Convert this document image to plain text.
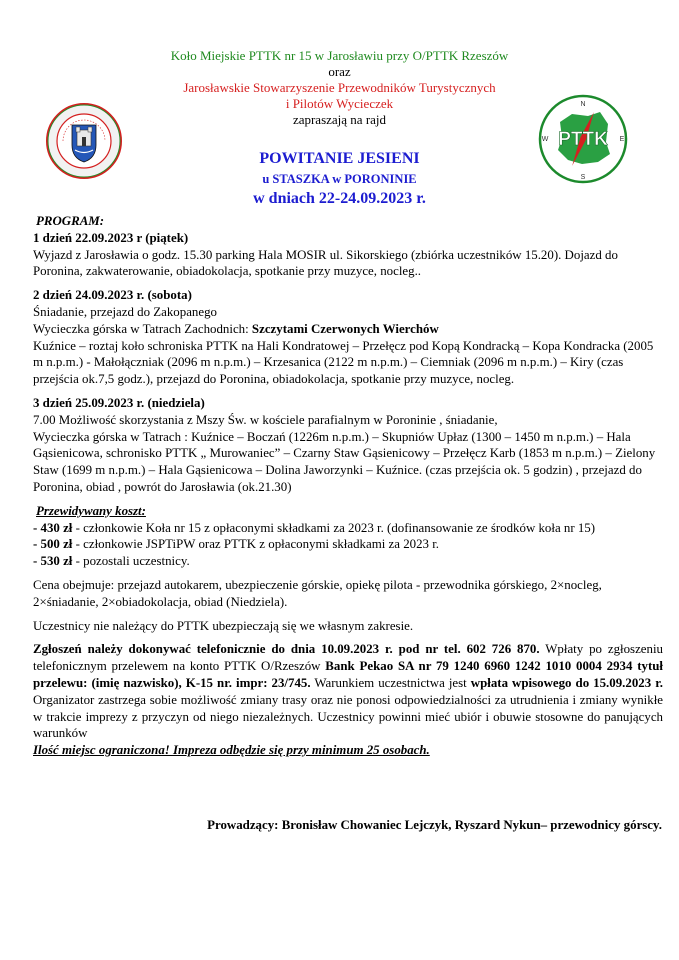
Koło Miejskie PTTK nr 15 w Jarosławiu przy O/PTTK Rzeszów
oraz
Jarosławskie Stowarzyszenie Przewodników Turystycznych
i Pilotów Wycieczek
zapraszają na rajd
PTTK
N
E
S
W
POWITANIE JESIENI
u STASZKA w PORONINIE
w dniach 22-24.09.2023 r.

PROGRAM:

1 dzień 22.09.2023 r (piątek)

Wyjazd z Jarosławia o godz. 15.30 parking Hala MOSIR ul. Sikorskiego (zbiórka uczestników 15.20). Dojazd do Poronina, zakwaterowanie, obiadokolacja, spotkanie przy muzyce, nocleg..

2 dzień 24.09.2023 r. (sobota)

Śniadanie, przejazd do Zakopanego

Wycieczka górska w Tatrach Zachodnich: Szczytami Czerwonych Wierchów

Kuźnice – roztaj koło schroniska PTTK na Hali Kondratowej – Przełęcz pod Kopą Kondracką – Kopa Kondracka (2005 m n.p.m.) - Małołączniak (2096 m n.p.m.) – Krzesanica (2122 m n.p.m.) – Ciemniak (2096 m n.p.m.) – Kiry (czas przejścia ok.7,5 godz.), przejazd do Poronina, obiadokolacja, spotkanie przy muzyce, nocleg.

3 dzień 25.09.2023 r. (niedziela)

7.00 Możliwość skorzystania z Mszy Św. w kościele parafialnym w Poroninie , śniadanie,

Wycieczka górska w Tatrach : Kuźnice – Boczań (1226m n.p.m.) – Skupniów Upłaz (1300 – 1450 m n.p.m.) – Hala Gąsienicowa, schronisko PTTK „ Murowaniec” – Czarny Staw Gąsienicowy – Przełęcz Karb (1853 m n.p.m.) – Zielony Staw (1699 m n.p.m.) – Hala Gąsienicowa – Dolina Jaworzynki – Kuźnice. (czas przejścia ok. 5 godzin) , przejazd do Poronina, obiad , powrót do Jarosławia (ok.21.30)

Przewidywany koszt:

- 430 zł - członkowie Koła nr 15 z opłaconymi składkami za 2023 r. (dofinansowanie ze środków koła nr 15)

- 500 zł - członkowie JSPTiPW oraz PTTK z opłaconymi składkami za 2023 r.

- 530 zł - pozostali uczestnicy.

Cena obejmuje: przejazd autokarem, ubezpieczenie górskie, opiekę pilota - przewodnika górskiego, 2×nocleg, 2×śniadanie, 2×obiadokolacja, obiad (Niedziela).

Uczestnicy nie należący do PTTK ubezpieczają się we własnym zakresie.

Zgłoszeń należy dokonywać telefonicznie do dnia 10.09.2023 r. pod nr tel. 602 726 870. Wpłaty po zgłoszeniu telefonicznym przelewem na konto PTTK O/Rzeszów Bank Pekao SA nr 79 1240 6960 1242 1010 0004 2934 tytuł przelewu: (imię nazwisko), K-15 nr. impr: 23/745. Warunkiem uczestnictwa jest wpłata wpisowego do 15.09.2023 r. Organizator zastrzega sobie możliwość zmiany trasy oraz nie ponosi odpowiedzialności za utrudnienia i zmiany wynikłe w trakcie imprezy z przyczyn od niego niezależnych. Uczestnicy powinni mieć ubiór i obuwie stosowne do panujących warunków

Ilość miejsc ograniczona! Impreza odbędzie się przy minimum 25 osobach.

Prowadzący: Bronisław Chowaniec Lejczyk, Ryszard Nykun– przewodnicy górscy.
